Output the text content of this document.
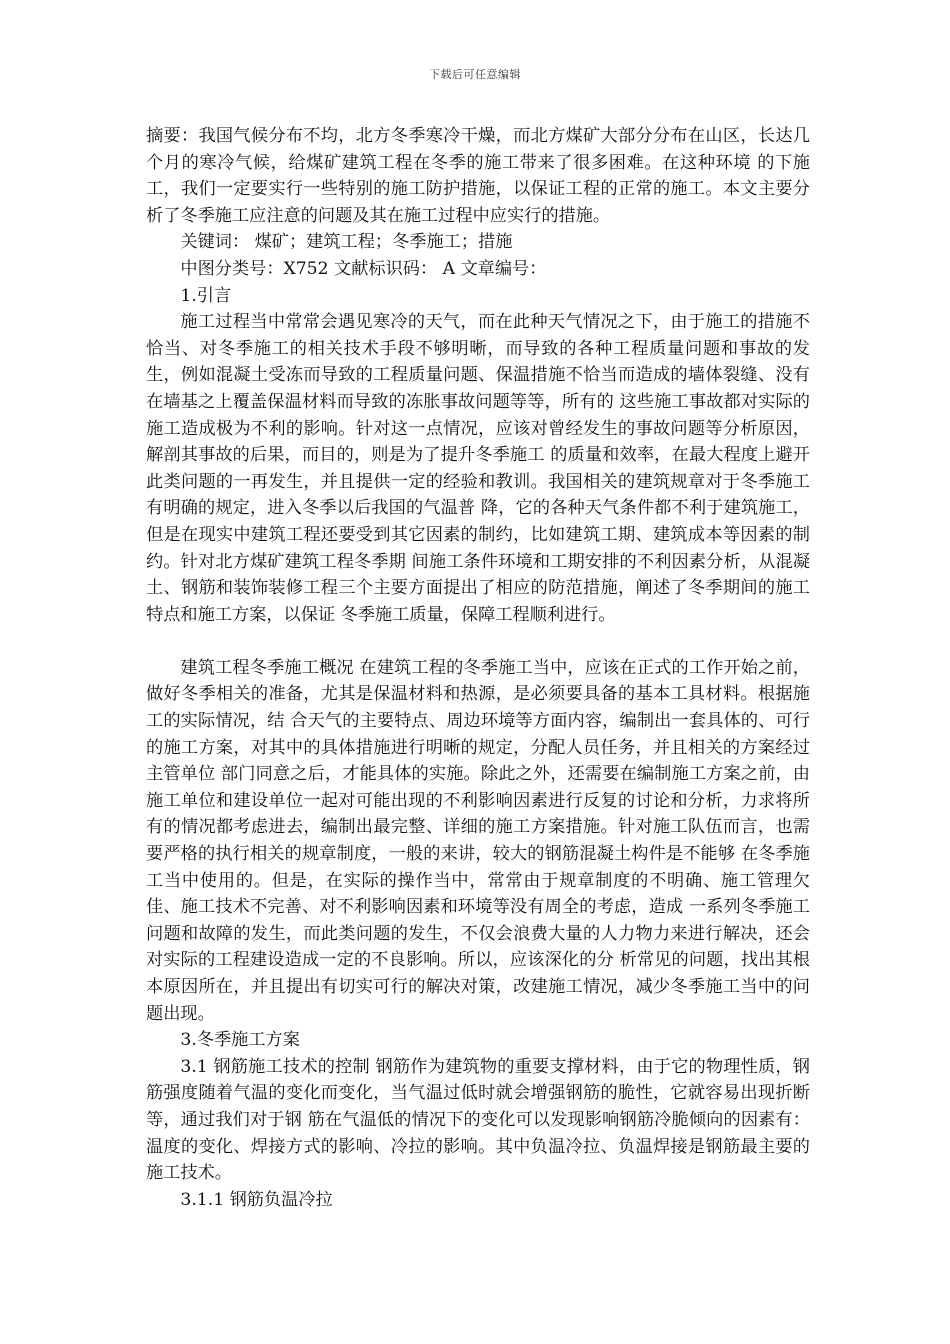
下载后可任意编辑

摘要：我国气候分布不均，北方冬季寒冷干燥，而北方煤矿大部分分布在山区，长达几个月的寒冷气候，给煤矿建筑工程在冬季的施工带来了很多困难。在这种环境 的下施工，我们一定要实行一些特别的施工防护措施，以保证工程的正常的施工。本文主要分析了冬季施工应注意的问题及其在施工过程中应实行的措施。

关键词： 煤矿；建筑工程；冬季施工；措施

中图分类号：X752 文献标识码： A 文章编号：

1.引言

施工过程当中常常会遇见寒冷的天气，而在此种天气情况之下，由于施工的措施不恰当、对冬季施工的相关技术手段不够明晰，而导致的各种工程质量问题和事故的发生，例如混凝土受冻而导致的工程质量问题、保温措施不恰当而造成的墙体裂缝、没有在墙基之上覆盖保温材料而导致的冻胀事故问题等等，所有的 这些施工事故都对实际的施工造成极为不利的影响。针对这一点情况，应该对曾经发生的事故问题等分析原因，解剖其事故的后果，而目的，则是为了提升冬季施工 的质量和效率，在最大程度上避开此类问题的一再发生，并且提供一定的经验和教训。我国相关的建筑规章对于冬季施工有明确的规定，进入冬季以后我国的气温普 降，它的各种天气条件都不利于建筑施工，但是在现实中建筑工程还要受到其它因素的制约，比如建筑工期、建筑成本等因素的制约。针对北方煤矿建筑工程冬季期 间施工条件环境和工期安排的不利因素分析，从混凝土、钢筋和装饰装修工程三个主要方面提出了相应的防范措施，阐述了冬季期间的施工特点和施工方案，以保证 冬季施工质量，保障工程顺利进行。

建筑工程冬季施工概况 在建筑工程的冬季施工当中，应该在正式的工作开始之前，做好冬季相关的准备，尤其是保温材料和热源，是必须要具备的基本工具材料。根据施工的实际情况，结 合天气的主要特点、周边环境等方面内容，编制出一套具体的、可行的施工方案，对其中的具体措施进行明晰的规定，分配人员任务，并且相关的方案经过主管单位 部门同意之后，才能具体的实施。除此之外，还需要在编制施工方案之前，由施工单位和建设单位一起对可能出现的不利影响因素进行反复的讨论和分析，力求将所 有的情况都考虑进去，编制出最完整、详细的施工方案措施。针对施工队伍而言，也需要严格的执行相关的规章制度，一般的来讲，较大的钢筋混凝土构件是不能够 在冬季施工当中使用的。但是，在实际的操作当中，常常由于规章制度的不明确、施工管理欠佳、施工技术不完善、对不利影响因素和环境等没有周全的考虑，造成 一系列冬季施工问题和故障的发生，而此类问题的发生，不仅会浪费大量的人力物力来进行解决，还会对实际的工程建设造成一定的不良影响。所以，应该深化的分 析常见的问题，找出其根本原因所在，并且提出有切实可行的解决对策，改建施工情况，减少冬季施工当中的问题出现。

3.冬季施工方案

3.1 钢筋施工技术的控制 钢筋作为建筑物的重要支撑材料，由于它的物理性质，钢筋强度随着气温的变化而变化，当气温过低时就会增强钢筋的脆性，它就容易出现折断等，通过我们对于钢 筋在气温低的情况下的变化可以发现影响钢筋冷脆倾向的因素有：温度的变化、焊接方式的影响、冷拉的影响。其中负温冷拉、负温焊接是钢筋最主要的施工技术。

3.1.1 钢筋负温冷拉
